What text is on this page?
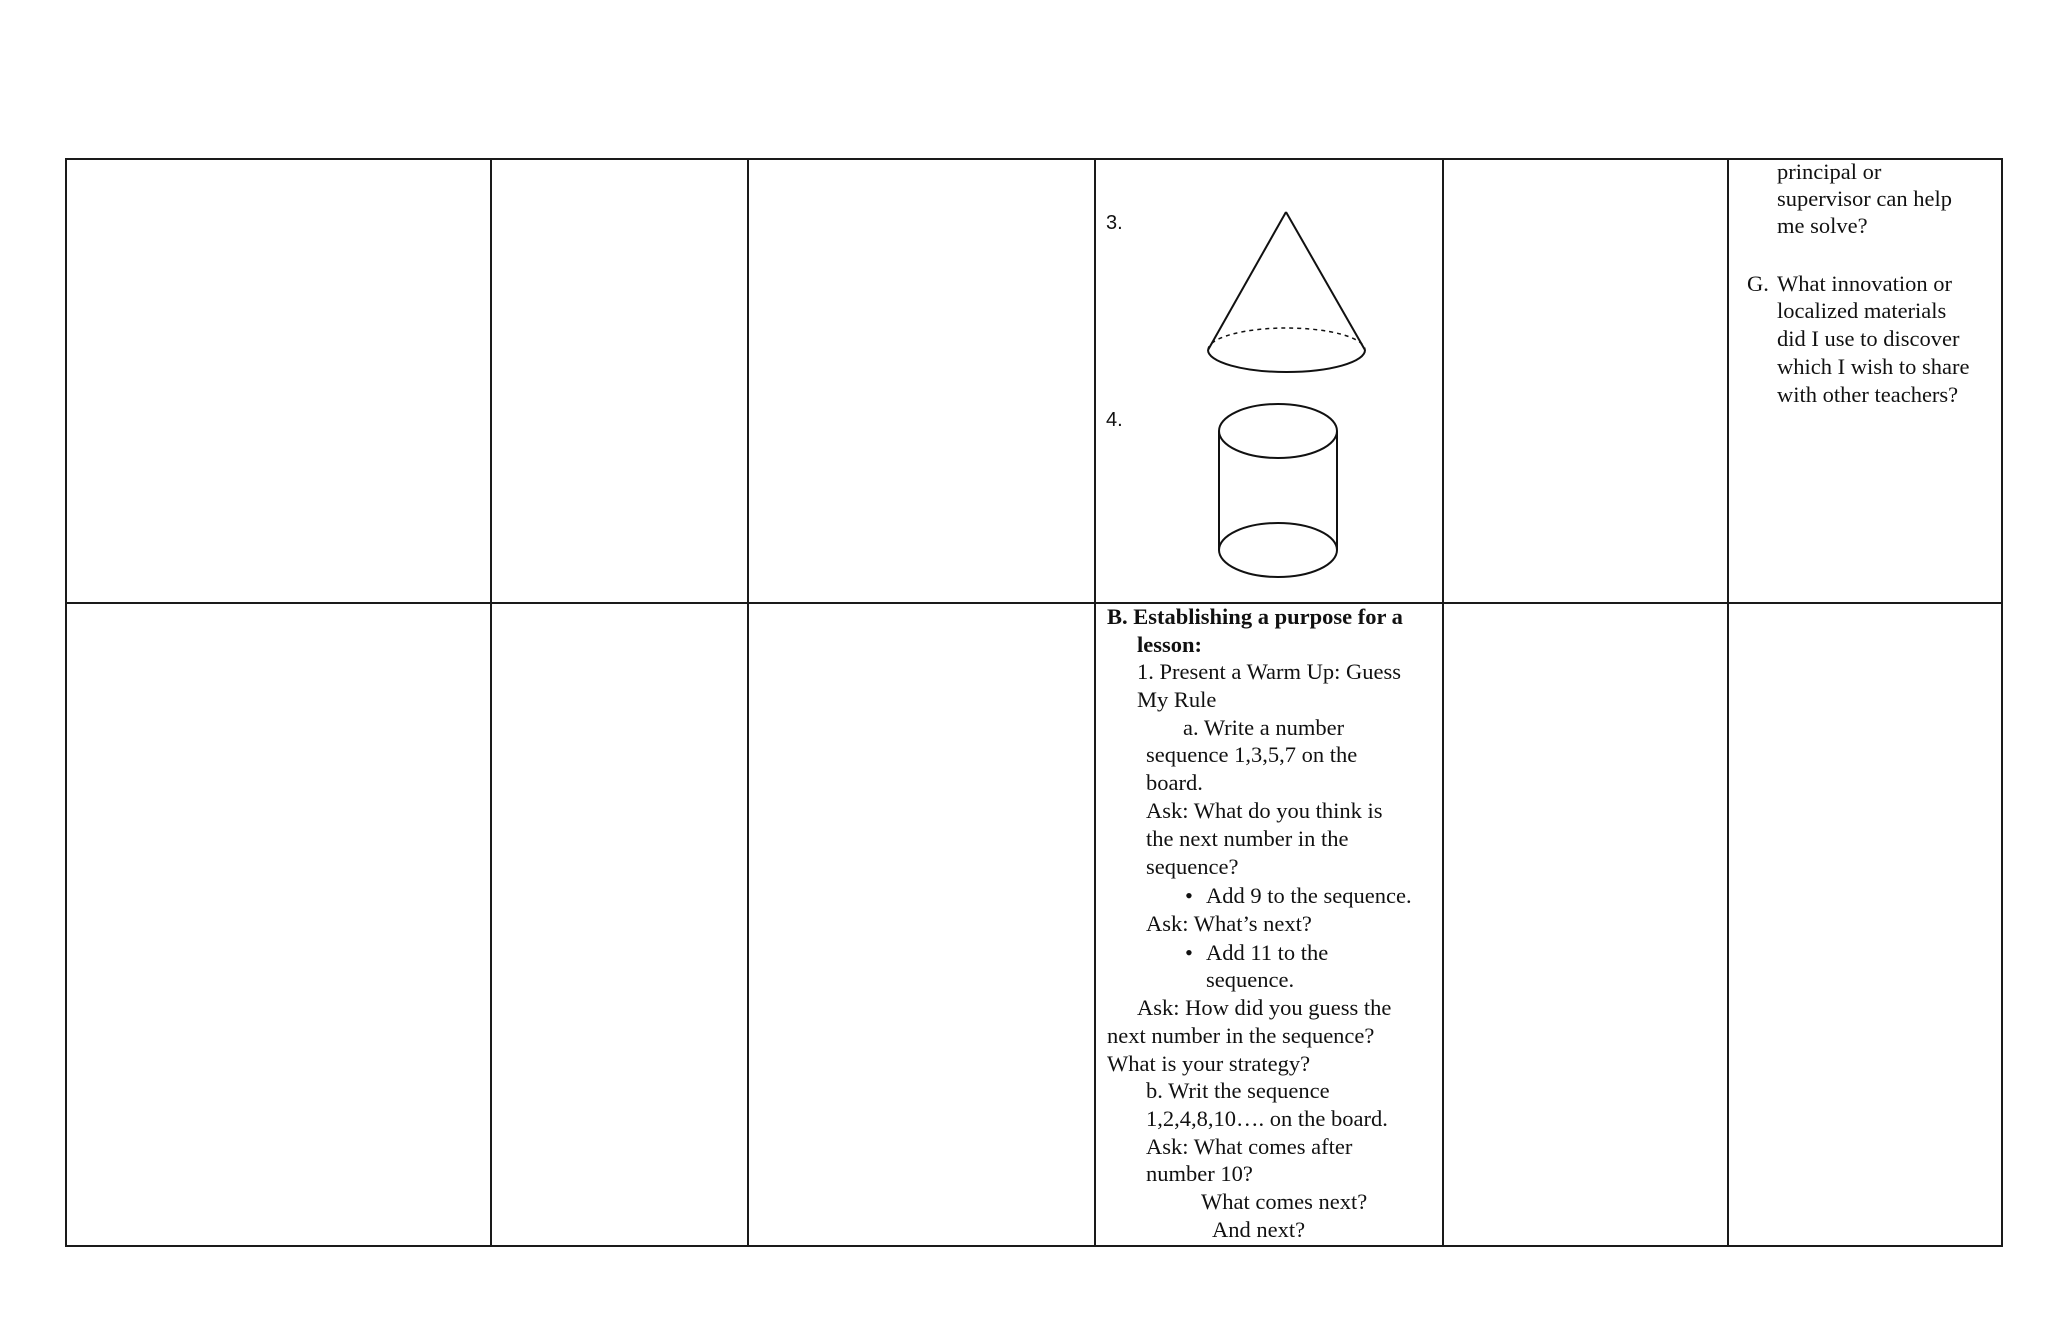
principal or
supervisor can help
me solve?
G. What innovation or
localized materials
did I use to discover
which I wish to share
with other teachers?
3.
4.
B. Establishing a purpose for a
lesson:
1. Present a Warm Up: Guess
My Rule
a. Write a number
sequence 1,3,5,7 on the
board.
Ask: What do you think is
the next number in the
sequence?
• Add 9 to the sequence.
Ask: What’s next?
• Add 11 to the
sequence.
Ask: How did you guess the
next number in the sequence?
What is your strategy?
b. Writ the sequence
1,2,4,8,10…. on the board.
Ask: What comes after
number 10?
What comes next?
And next?
